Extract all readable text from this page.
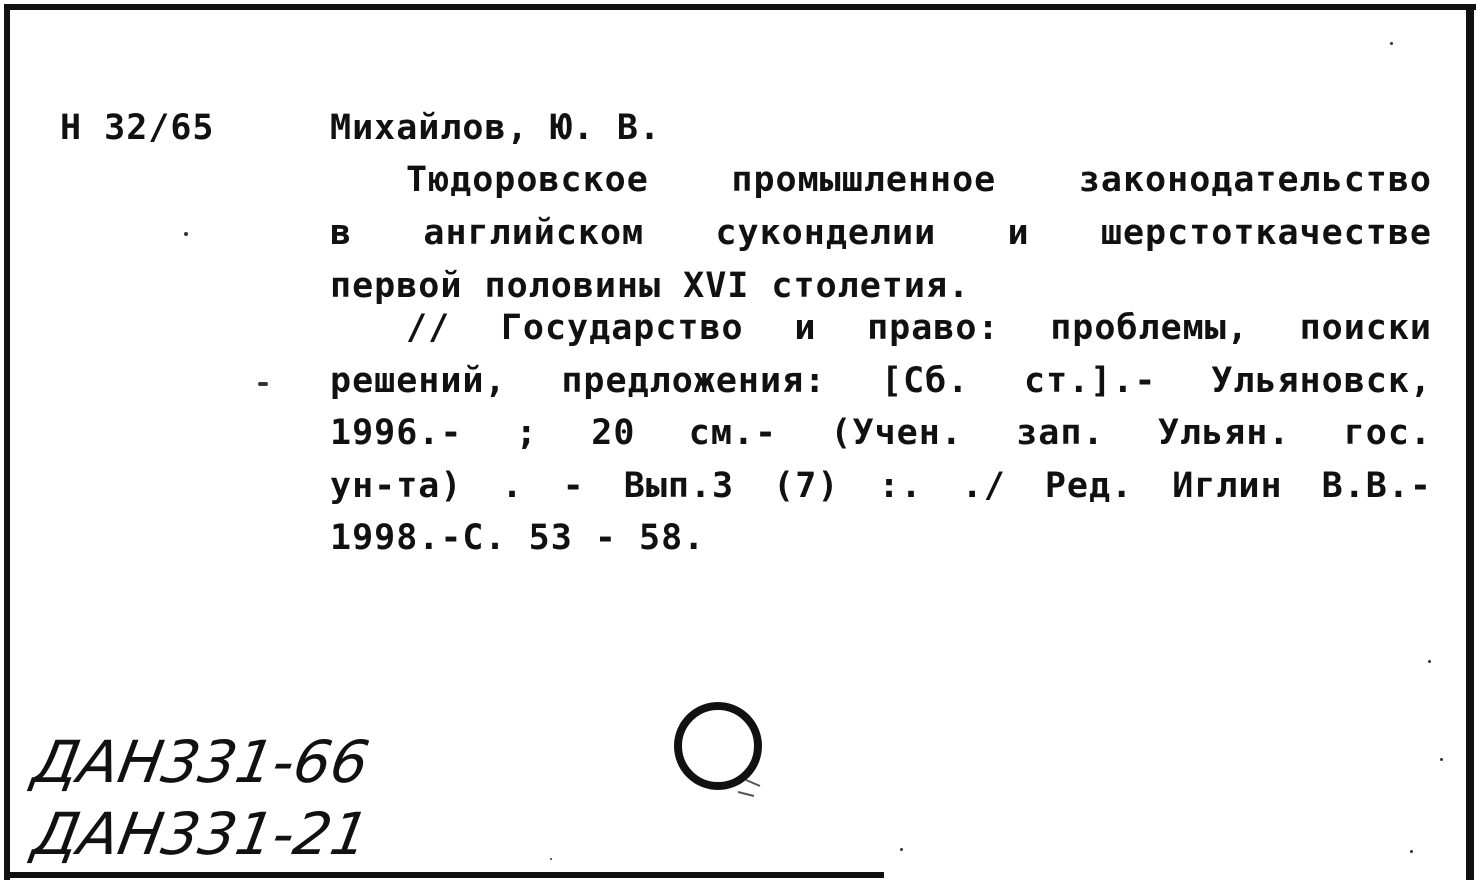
Н 32/65	Михайлов, Ю. В.
Тюдоровское промышленное законодательство
в английском суконделии и шерстоткачестве
первой половины XVI столетия.
// Государство и право: проблемы, поиски
решений, предложения: [Сб. ст.].- Ульяновск,
1996.- ; 20 см.- (Учен. зап. Ульян. гос.
ун-та) . - Вып.3 (7) :. ./ Ред. Иглин В.В.-
1998.-С. 53 - 58.
ДАН331-66
ДАН331-21
